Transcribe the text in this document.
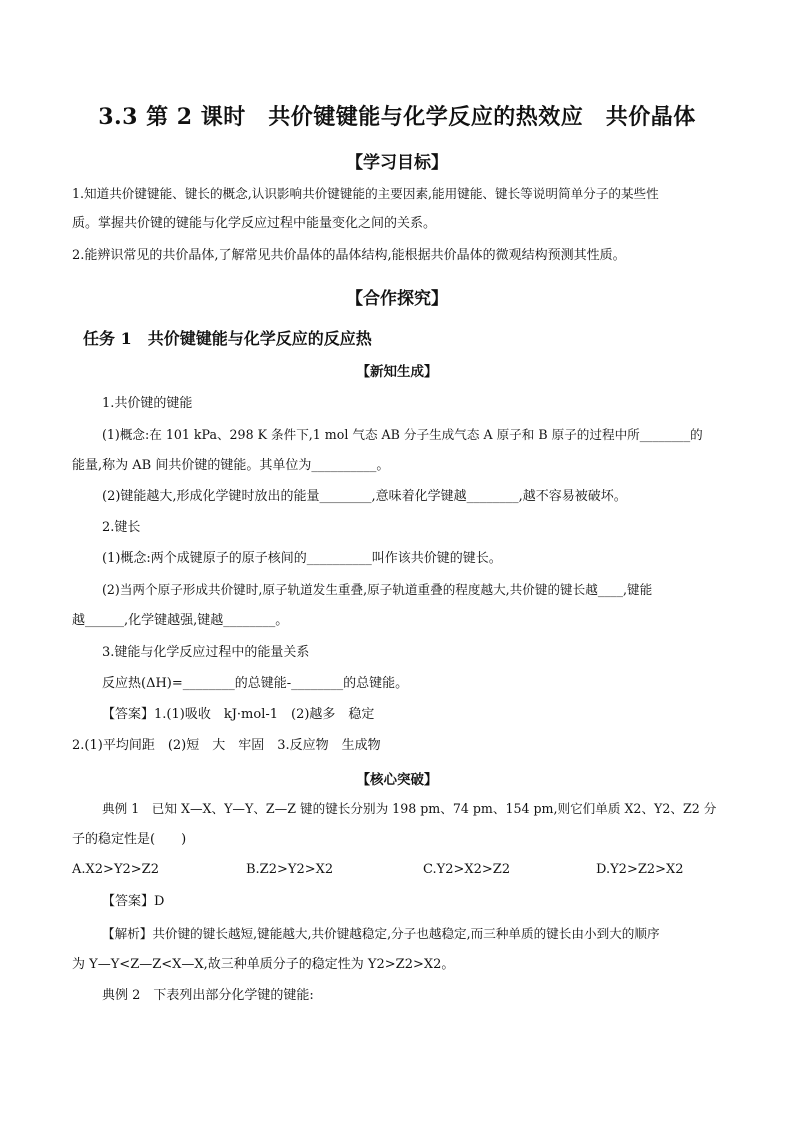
3.3 第 2 课时　共价键键能与化学反应的热效应　共价晶体
【学习目标】
1.知道共价键键能、键长的概念,认识影响共价键键能的主要因素,能用键能、键长等说明简单分子的某些性
质。掌握共价键的键能与化学反应过程中能量变化之间的关系。
2.能辨识常见的共价晶体,了解常见共价晶体的晶体结构,能根据共价晶体的微观结构预测其性质。
【合作探究】
任务 1　共价键键能与化学反应的反应热
【新知生成】
1.共价键的键能
(1)概念:在 101 kPa、298 K 条件下,1 mol 气态 AB 分子生成气态 A 原子和 B 原子的过程中所________的
能量,称为 AB 间共价键的键能。其单位为__________。
(2)键能越大,形成化学键时放出的能量________,意味着化学键越________,越不容易被破坏。
2.键长
(1)概念:两个成键原子的原子核间的__________叫作该共价键的键长。
(2)当两个原子形成共价键时,原子轨道发生重叠,原子轨道重叠的程度越大,共价键的键长越____,键能
越______,化学键越强,键越________。
3.键能与化学反应过程中的能量关系
反应热(ΔH)=________的总键能-________的总键能。
【答案】1.(1)吸收　kJ·mol-1　(2)越多　稳定
2.(1)平均间距　(2)短　大　牢固　3.反应物　生成物
【核心突破】
典例 1　已知 X—X、Y—Y、Z—Z 键的键长分别为 198 pm、74 pm、154 pm,则它们单质 X2、Y2、Z2 分
子的稳定性是(　　)
A.X2>Y2>Z2	B.Z2>Y2>X2	C.Y2>X2>Z2	D.Y2>Z2>X2
【答案】D
【解析】共价键的键长越短,键能越大,共价键越稳定,分子也越稳定,而三种单质的键长由小到大的顺序
为 Y—Y<Z—Z<X—X,故三种单质分子的稳定性为 Y2>Z2>X2。
典例 2　下表列出部分化学键的键能:
